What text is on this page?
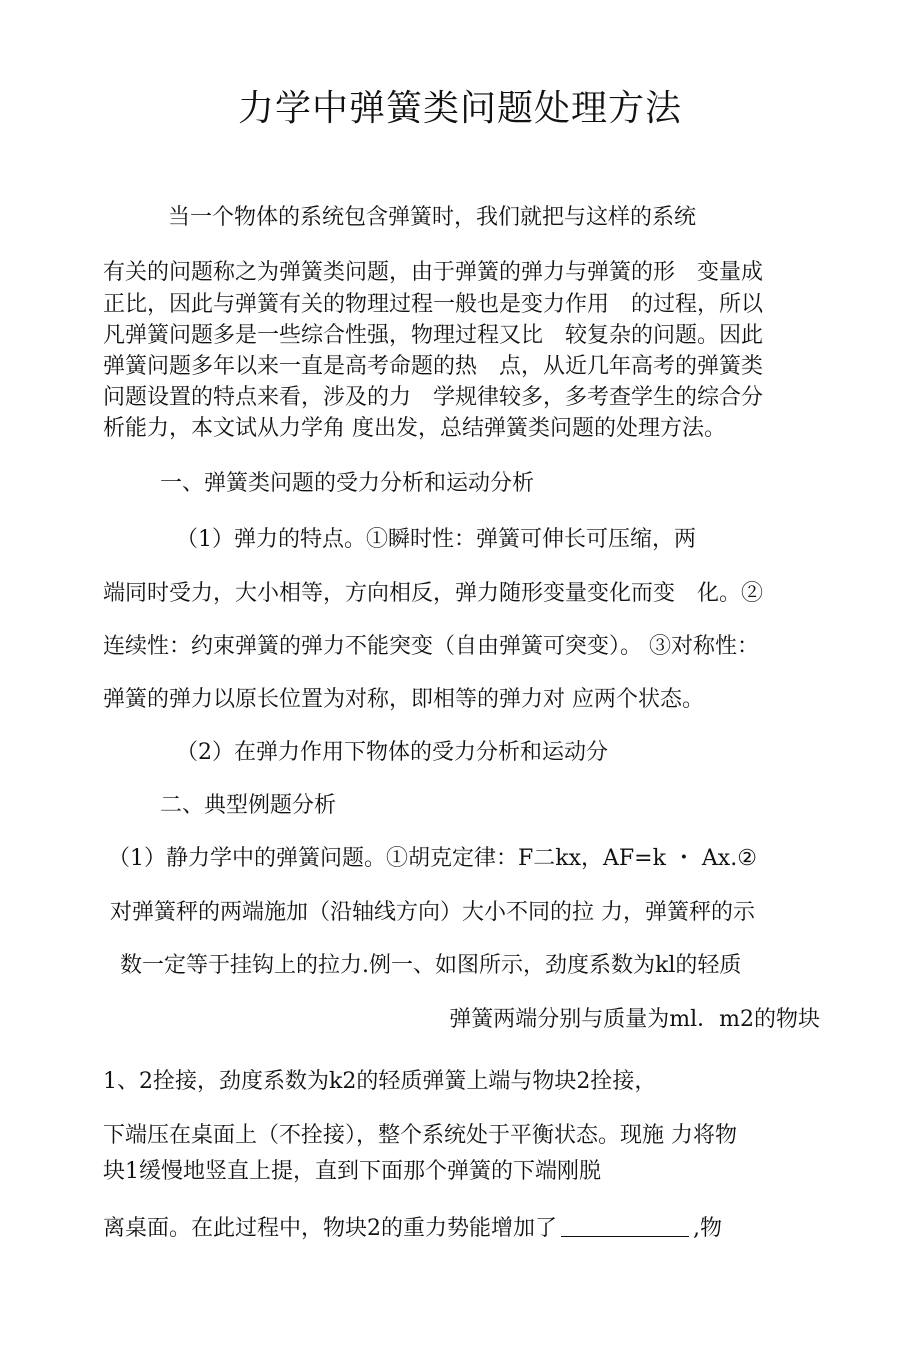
力学中弹簧类问题处理方法
当一个物体的系统包含弹簧时，我们就把与这样的系统
有关的问题称之为弹簧类问题，由于弹簧的弹力与弹簧的形　变量成
正比，因此与弹簧有关的物理过程一般也是变力作用　的过程，所以
凡弹簧问题多是一些综合性强，物理过程又比　较复杂的问题。因此
弹簧问题多年以来一直是高考命题的热　点，从近几年高考的弹簧类
问题设置的特点来看，涉及的力　学规律较多，多考查学生的综合分
析能力，本文试从力学角 度出发，总结弹簧类问题的处理方法。
一、弹簧类问题的受力分析和运动分析
（1）弹力的特点。①瞬时性：弹簧可伸长可压缩，两
端同时受力，大小相等，方向相反，弹力随形变量变化而变　化。②
连续性：约束弹簧的弹力不能突变（自由弹簧可突变）。 ③对称性：
弹簧的弹力以原长位置为对称，即相等的弹力对 应两个状态。
（2）在弹力作用下物体的受力分析和运动分
二、典型例题分析
（1）静力学中的弹簧问题。①胡克定律：F二kx，AF=k ・ Ax.②
对弹簧秤的两端施加（沿轴线方向）大小不同的拉 力，弹簧秤的示
数一定等于挂钩上的拉力.例一、如图所示，劲度系数为kl的轻质
弹簧两端分别与质量为ml．m2的物块
1、2拴接，劲度系数为k2的轻质弹簧上端与物块2拴接，
下端压在桌面上（不拴接），整个系统处于平衡状态。现施 力将物
块1缓慢地竖直上提，直到下面那个弹簧的下端刚脱
离桌面。在此过程中，物块2的重力势能增加了	,物
